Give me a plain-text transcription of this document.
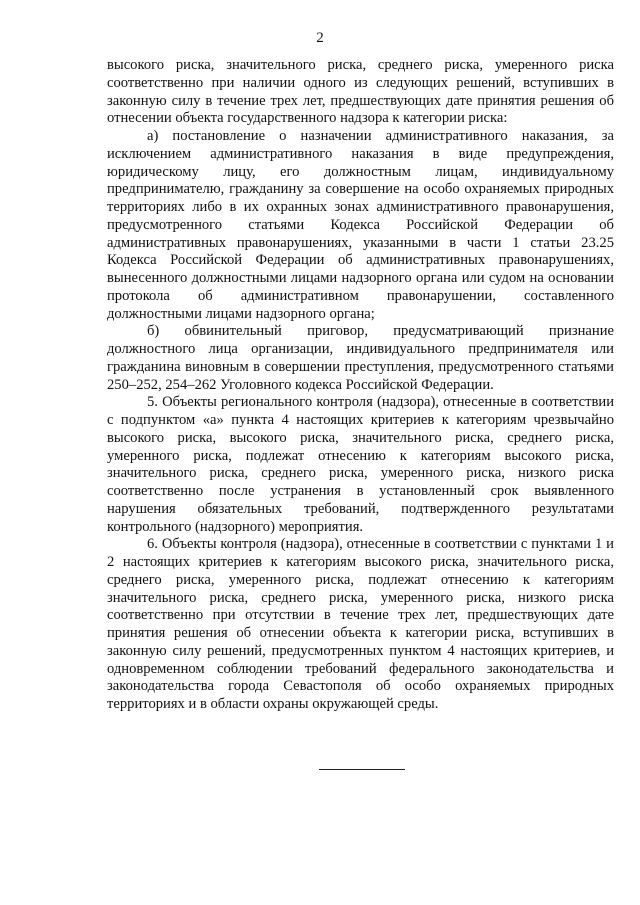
2

высокого риска, значительного риска, среднего риска, умеренного риска соответственно при наличии одного из следующих решений, вступивших в законную силу в течение трех лет, предшествующих дате принятия решения об отнесении объекта государственного надзора к категории риска:

а) постановление о назначении административного наказания, за исключением административного наказания в виде предупреждения, юридическому лицу, его должностным лицам, индивидуальному предпринимателю, гражданину за совершение на особо охраняемых природных территориях либо в их охранных зонах административного правонарушения, предусмотренного статьями Кодекса Российской Федерации об административных правонарушениях, указанными в части 1 статьи 23.25 Кодекса Российской Федерации об административных правонарушениях, вынесенного должностными лицами надзорного органа или судом на основании протокола об административном правонарушении, составленного должностными лицами надзорного органа;

б) обвинительный приговор, предусматривающий признание должностного лица организации, индивидуального предпринимателя или гражданина виновным в совершении преступления, предусмотренного статьями 250–252, 254–262 Уголовного кодекса Российской Федерации.

5. Объекты регионального контроля (надзора), отнесенные в соответствии с подпунктом «а» пункта 4 настоящих критериев к категориям чрезвычайно высокого риска, высокого риска, значительного риска, среднего риска, умеренного риска, подлежат отнесению к категориям высокого риска, значительного риска, среднего риска, умеренного риска, низкого риска соответственно после устранения в установленный срок выявленного нарушения обязательных требований, подтвержденного результатами контрольного (надзорного) мероприятия.

6. Объекты контроля (надзора), отнесенные в соответствии с пунктами 1 и 2 настоящих критериев к категориям высокого риска, значительного риска, среднего риска, умеренного риска, подлежат отнесению к категориям значительного риска, среднего риска, умеренного риска, низкого риска соответственно при отсутствии в течение трех лет, предшествующих дате принятия решения об отнесении объекта к категории риска, вступивших в законную силу решений, предусмотренных пунктом 4 настоящих критериев, и одновременном соблюдении требований федерального законодательства и законодательства города Севастополя об особо охраняемых природных территориях и в области охраны окружающей среды.
